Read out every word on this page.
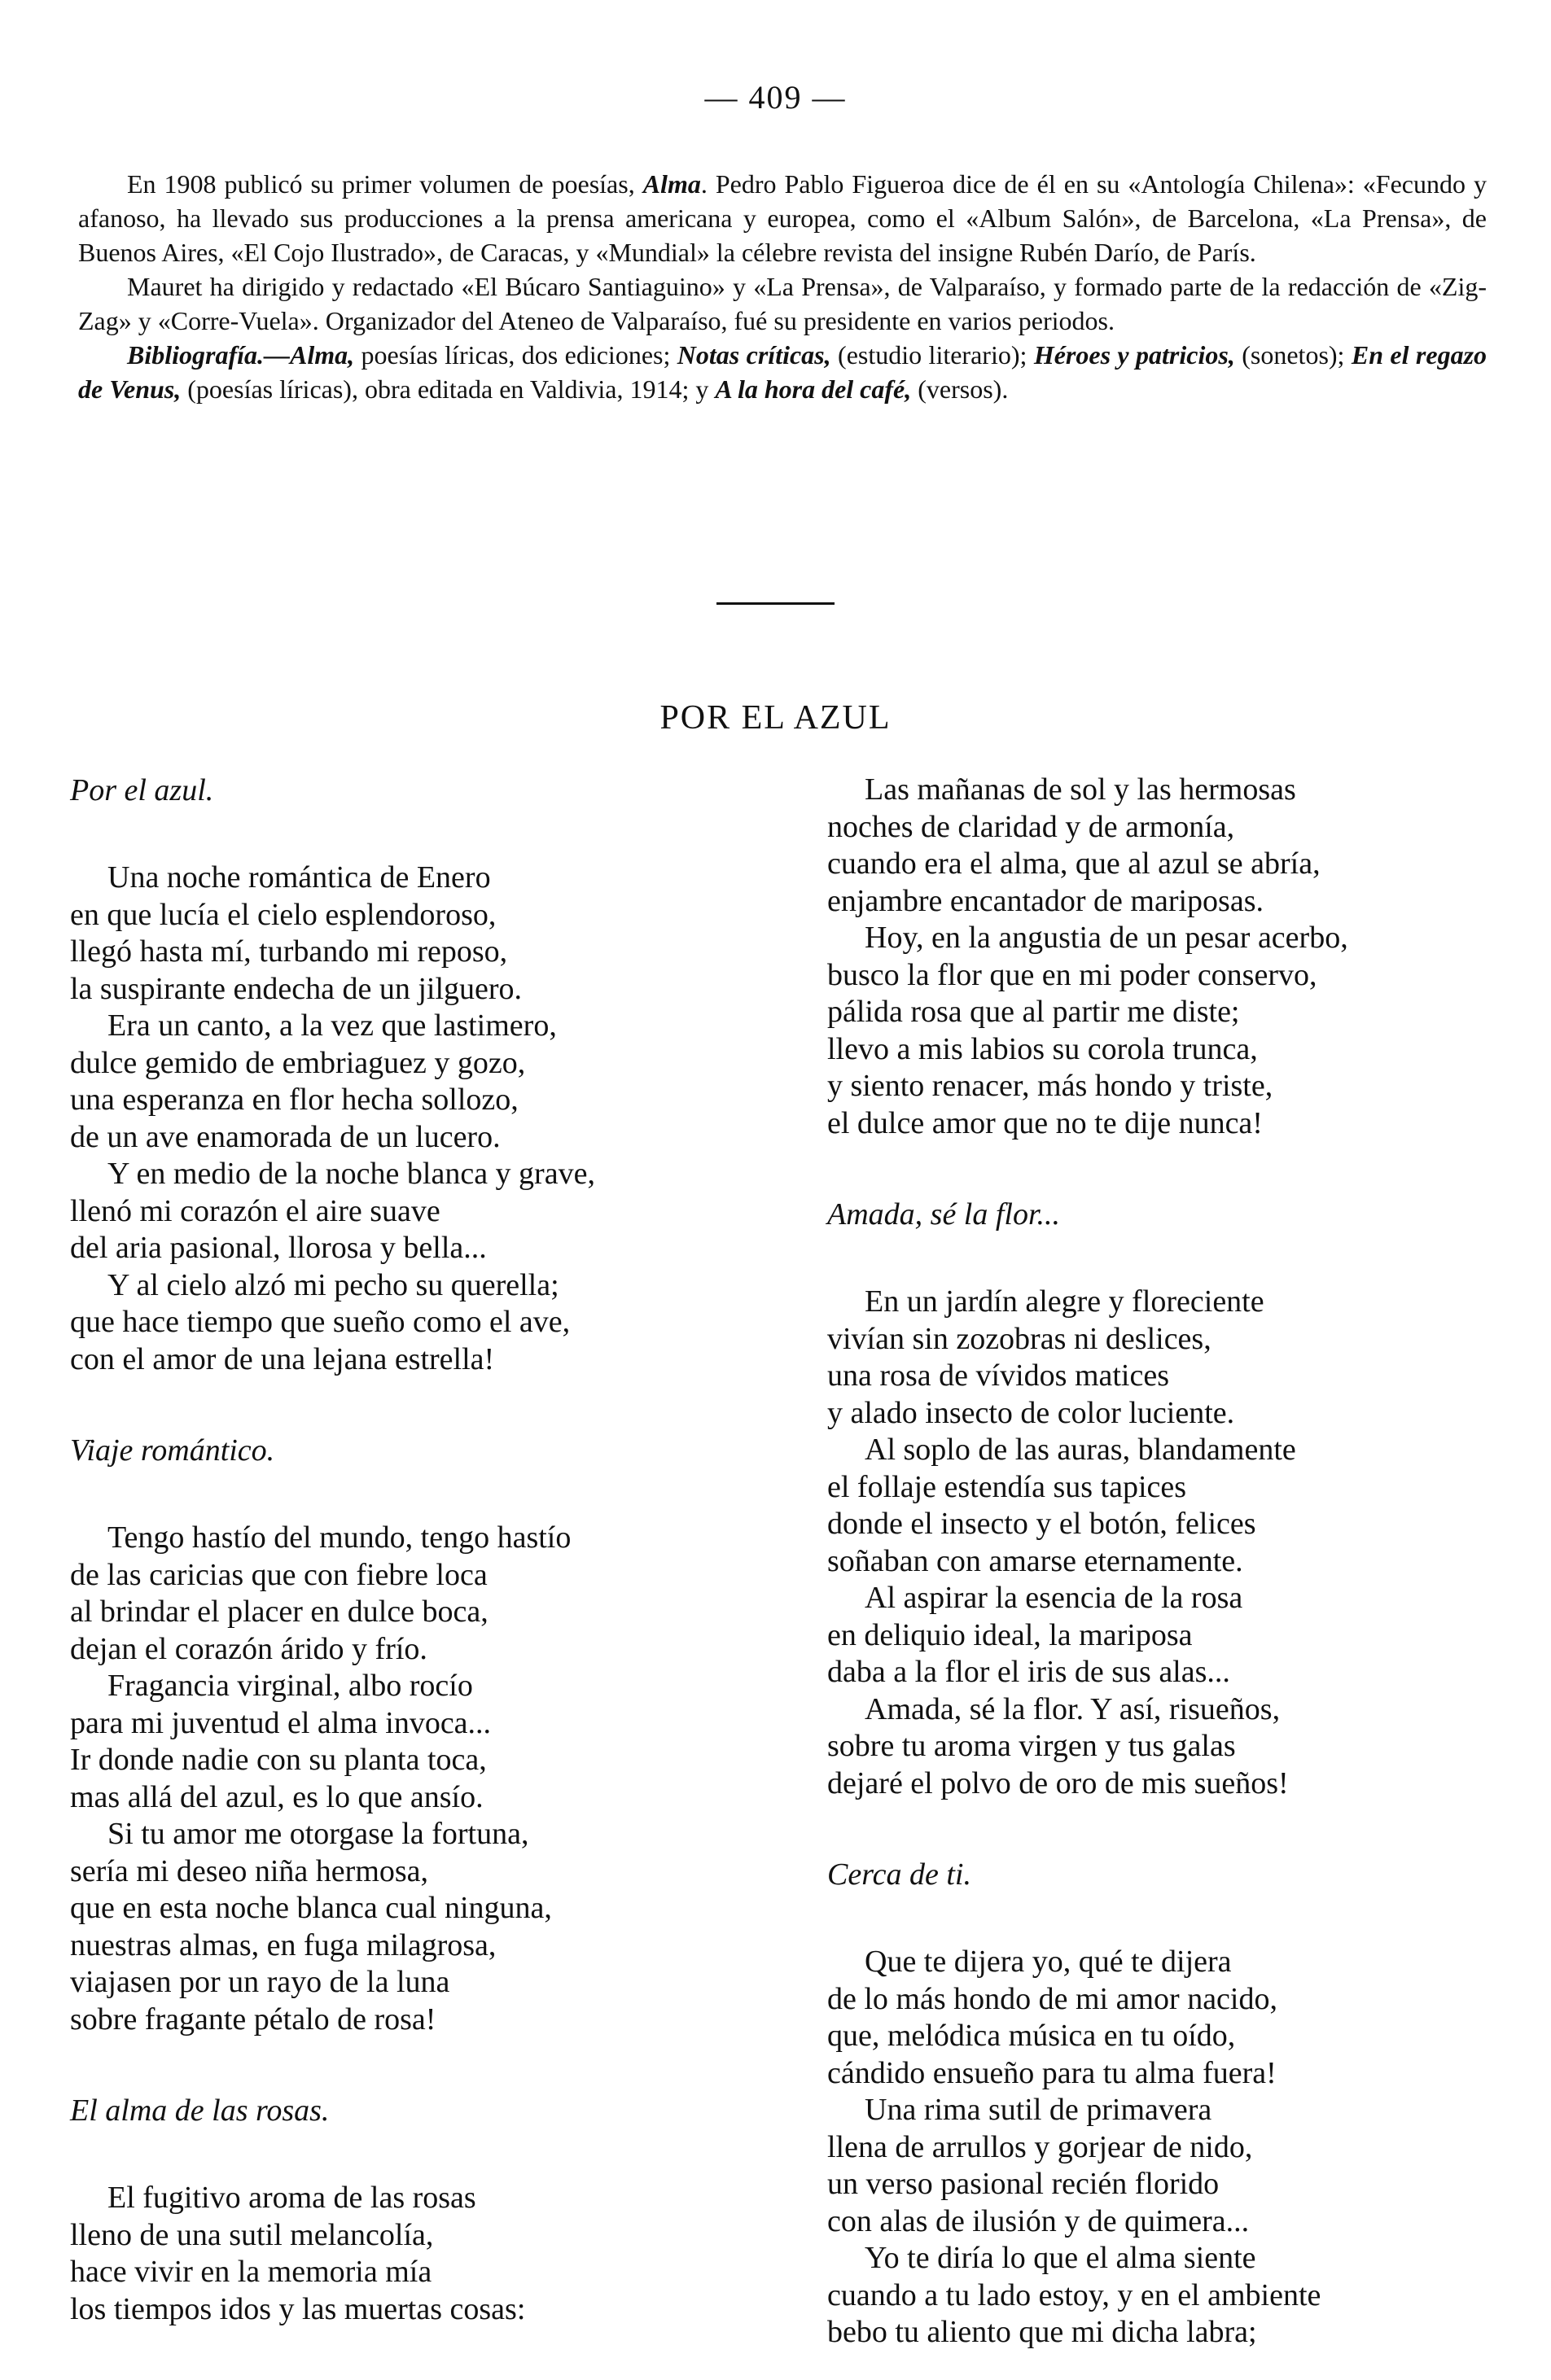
— 409 —

En 1908 publicó su primer volumen de poesías, Alma. Pedro Pablo Figueroa dice de él en su «Antología Chilena»: «Fecundo y afanoso, ha llevado sus producciones a la prensa americana y europea, como el «Album Salón», de Barcelona, «La Prensa», de Buenos Aires, «El Cojo Ilustrado», de Caracas, y «Mundial» la célebre revista del insigne Rubén Darío, de París.

Mauret ha dirigido y redactado «El Búcaro Santiaguino» y «La Prensa», de Valparaíso, y formado parte de la redacción de «Zig-Zag» y «Corre-Vuela». Organizador del Ateneo de Valparaíso, fué su presidente en varios periodos.

Bibliografía.—Alma, poesías líricas, dos ediciones; Notas críticas, (estudio literario); Héroes y patricios, (sonetos); En el regazo de Venus, (poesías líricas), obra editada en Valdivia, 1914; y A la hora del café, (versos).

POR EL AZUL
Por el azul.
Una noche romántica de Enero
en que lucía el cielo esplendoroso,
llegó hasta mí, turbando mi reposo,
la suspirante endecha de un jilguero.
Era un canto, a la vez que lastimero,
dulce gemido de embriaguez y gozo,
una esperanza en flor hecha sollozo,
de un ave enamorada de un lucero.
Y en medio de la noche blanca y grave,
llenó mi corazón el aire suave
del aria pasional, llorosa y bella...
Y al cielo alzó mi pecho su querella;
que hace tiempo que sueño como el ave,
con el amor de una lejana estrella!
Viaje romántico.
Tengo hastío del mundo, tengo hastío
de las caricias que con fiebre loca
al brindar el placer en dulce boca,
dejan el corazón árido y frío.
Fragancia virginal, albo rocío
para mi juventud el alma invoca...
Ir donde nadie con su planta toca,
mas allá del azul, es lo que ansío.
Si tu amor me otorgase la fortuna,
sería mi deseo niña hermosa,
que en esta noche blanca cual ninguna,
nuestras almas, en fuga milagrosa,
viajasen por un rayo de la luna
sobre fragante pétalo de rosa!
El alma de las rosas.
El fugitivo aroma de las rosas
lleno de una sutil melancolía,
hace vivir en la memoria mía
los tiempos idos y las muertas cosas:
Las mañanas de sol y las hermosas
noches de claridad y de armonía,
cuando era el alma, que al azul se abría,
enjambre encantador de mariposas.
Hoy, en la angustia de un pesar acerbo,
busco la flor que en mi poder conservo,
pálida rosa que al partir me diste;
llevo a mis labios su corola trunca,
y siento renacer, más hondo y triste,
el dulce amor que no te dije nunca!
Amada, sé la flor...
En un jardín alegre y floreciente
vivían sin zozobras ni deslices,
una rosa de vívidos matices
y alado insecto de color luciente.
Al soplo de las auras, blandamente
el follaje estendía sus tapices
donde el insecto y el botón, felices
soñaban con amarse eternamente.
Al aspirar la esencia de la rosa
en deliquio ideal, la mariposa
daba a la flor el iris de sus alas...
Amada, sé la flor. Y así, risueños,
sobre tu aroma virgen y tus galas
dejaré el polvo de oro de mis sueños!
Cerca de ti.
Que te dijera yo, qué te dijera
de lo más hondo de mi amor nacido,
que, melódica música en tu oído,
cándido ensueño para tu alma fuera!
Una rima sutil de primavera
llena de arrullos y gorjear de nido,
un verso pasional recién florido
con alas de ilusión y de quimera...
Yo te diría lo que el alma siente
cuando a tu lado estoy, y en el ambiente
bebo tu aliento que mi dicha labra;
